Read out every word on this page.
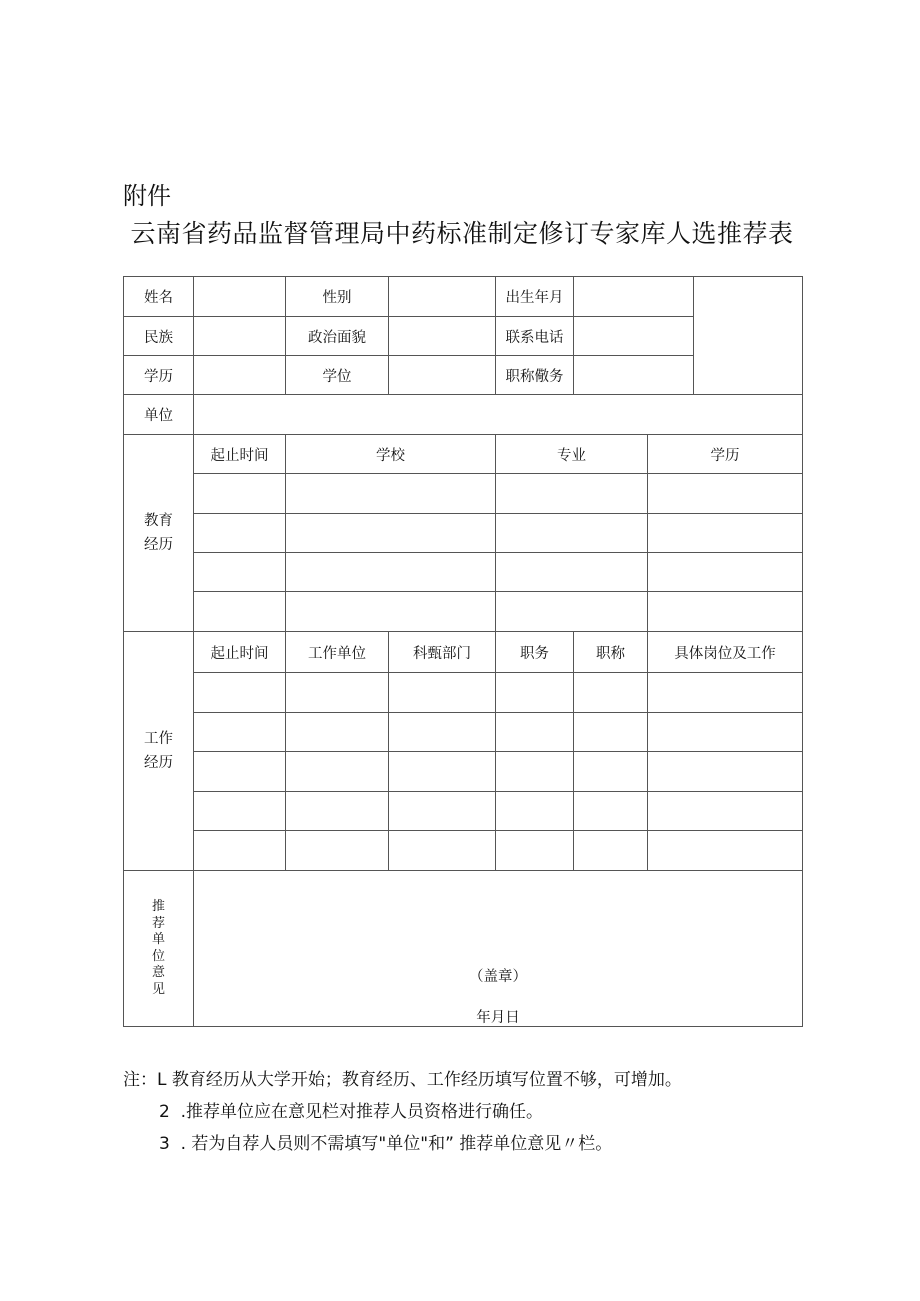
附件
云南省药品监督管理局中药标准制定修订专家库人选推荐表
姓名		性别		出生年月			
民族		政治面貌		联系电话			
学历		学位		职称儆务			
单位							

教育
经历	起止时间	学校		专业		学历	

工作
经历	起止时间	工作单位	科甄部门	职务	职称	具体岗位及工作	

推荐单位意见	（盖章）
年月日						
注：L 教育经历从大学开始；教育经历、工作经历填写位置不够，可增加。
2  .推荐单位应在意见栏对推荐人员资格进行确任。
3  . 若为自荐人员则不需填写"单位"和” 推荐单位意见〃栏。
